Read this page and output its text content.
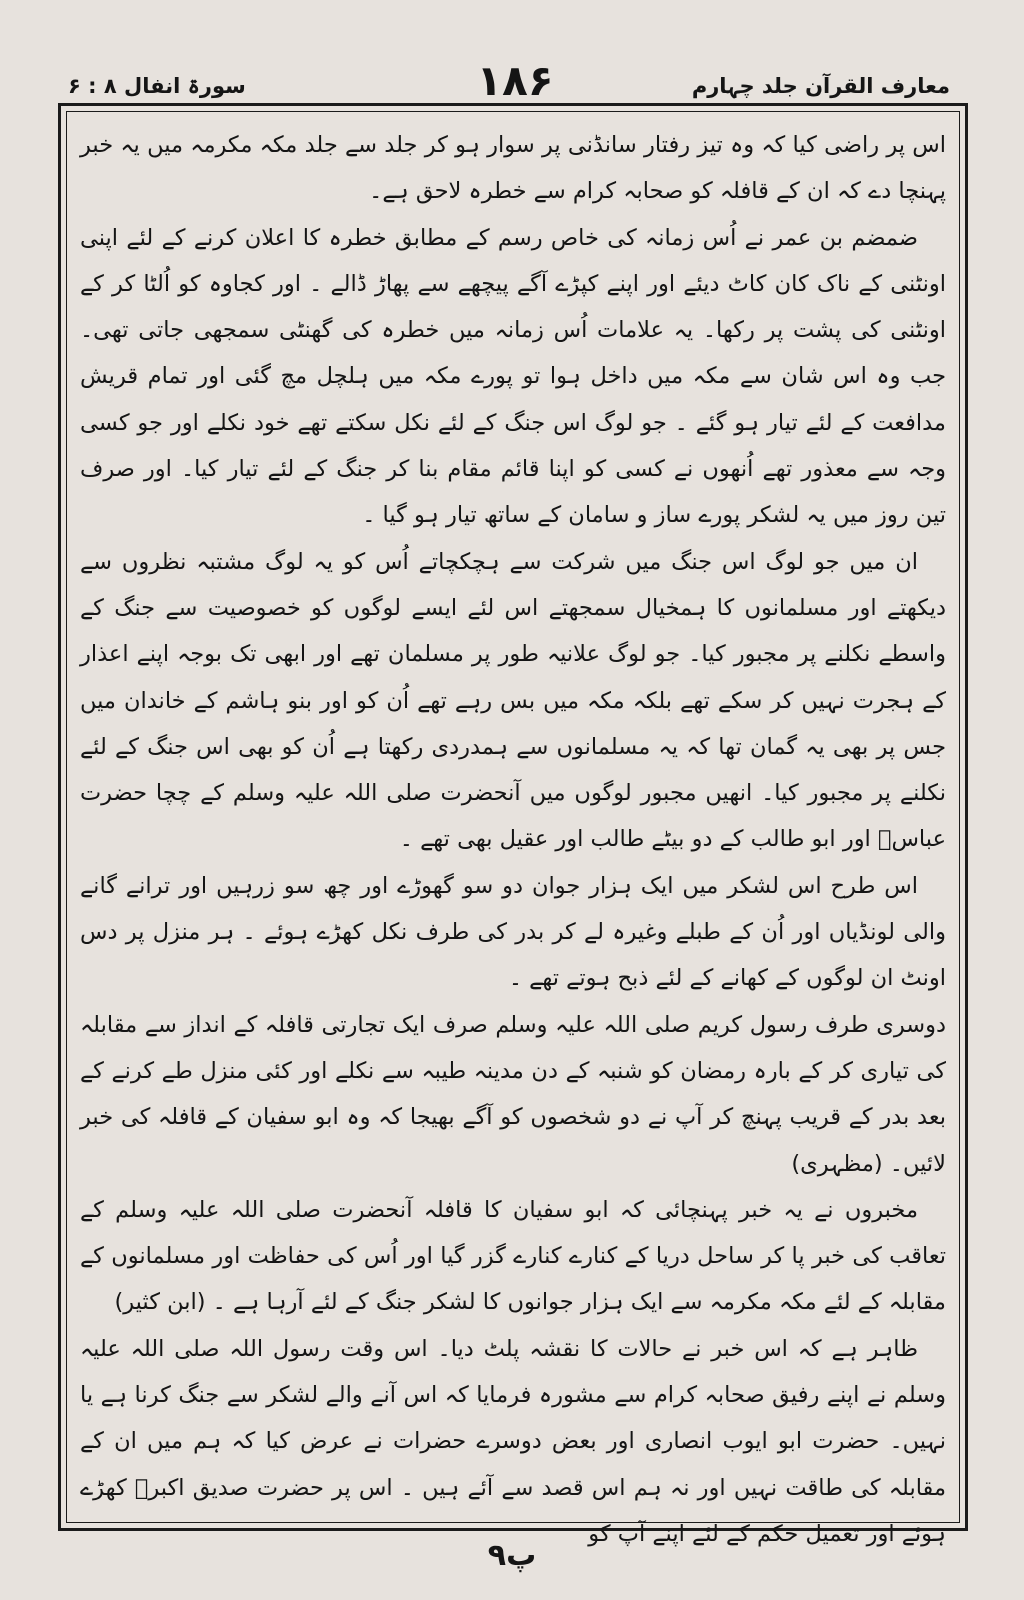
معارف القرآن جلد چہارم
۱۸۶
سورۃ انفال ۸ : ۶

اس پر راضی کیا کہ وہ تیز رفتار سانڈنی پر سوار ہو کر جلد سے جلد مکہ مکرمہ میں یہ خبر پہنچا دے کہ ان کے قافلہ کو صحابہ کرام سے خطرہ لاحق ہے۔

ضمضم بن عمر نے اُس زمانہ کی خاص رسم کے مطابق خطرہ کا اعلان کرنے کے لئے اپنی اونٹنی کے ناک کان کاٹ دیئے اور اپنے کپڑے آگے پیچھے سے پھاڑ ڈالے ۔ اور کجاوہ کو اُلٹا کر کے اونٹنی کی پشت پر رکھا۔ یہ علامات اُس زمانہ میں خطرہ کی گھنٹی سمجھی جاتی تھی۔ جب وہ اس شان سے مکہ میں داخل ہوا تو پورے مکہ میں ہلچل مچ گئی اور تمام قریش مدافعت کے لئے تیار ہو گئے ۔ جو لوگ اس جنگ کے لئے نکل سکتے تھے خود نکلے اور جو کسی وجہ سے معذور تھے اُنھوں نے کسی کو اپنا قائم مقام بنا کر جنگ کے لئے تیار کیا۔ اور صرف تین روز میں یہ لشکر پورے ساز و سامان کے ساتھ تیار ہو گیا ۔

ان میں جو لوگ اس جنگ میں شرکت سے ہچکچاتے اُس کو یہ لوگ مشتبہ نظروں سے دیکھتے اور مسلمانوں کا ہمخیال سمجھتے اس لئے ایسے لوگوں کو خصوصیت سے جنگ کے واسطے نکلنے پر مجبور کیا۔ جو لوگ علانیہ طور پر مسلمان تھے اور ابھی تک بوجہ اپنے اعذار کے ہجرت نہیں کر سکے تھے بلکہ مکہ میں بس رہے تھے اُن کو اور بنو ہاشم کے خاندان میں جس پر بھی یہ گمان تھا کہ یہ مسلمانوں سے ہمدردی رکھتا ہے اُن کو بھی اس جنگ کے لئے نکلنے پر مجبور کیا۔ انھیں مجبور لوگوں میں آنحضرت صلی اللہ علیہ وسلم کے چچا حضرت عباسؓ اور ابو طالب کے دو بیٹے طالب اور عقیل بھی تھے ۔

اس طرح اس لشکر میں ایک ہزار جوان دو سو گھوڑے اور چھ سو زرہیں اور ترانے گانے والی لونڈیاں اور اُن کے طبلے وغیرہ لے کر بدر کی طرف نکل کھڑے ہوئے ۔ ہر منزل پر دس اونٹ ان لوگوں کے کھانے کے لئے ذبح ہوتے تھے ۔

دوسری طرف رسول کریم صلی اللہ علیہ وسلم صرف ایک تجارتی قافلہ کے انداز سے مقابلہ کی تیاری کر کے بارہ رمضان کو شنبہ کے دن مدینہ طیبہ سے نکلے اور کئی منزل طے کرنے کے بعد بدر کے قریب پہنچ کر آپ نے دو شخصوں کو آگے بھیجا کہ وہ ابو سفیان کے قافلہ کی خبر لائیں۔ (مظہری)

مخبروں نے یہ خبر پہنچائی کہ ابو سفیان کا قافلہ آنحضرت صلی اللہ علیہ وسلم کے تعاقب کی خبر پا کر ساحل دریا کے کنارے کنارے گزر گیا اور اُس کی حفاظت اور مسلمانوں کے مقابلہ کے لئے مکہ مکرمہ سے ایک ہزار جوانوں کا لشکر جنگ کے لئے آرہا ہے ۔ (ابن کثیر)

ظاہر ہے کہ اس خبر نے حالات کا نقشہ پلٹ دیا۔ اس وقت رسول اللہ صلی اللہ علیہ وسلم نے اپنے رفیق صحابہ کرام سے مشورہ فرمایا کہ اس آنے والے لشکر سے جنگ کرنا ہے یا نہیں۔ حضرت ابو ایوب انصاری اور بعض دوسرے حضرات نے عرض کیا کہ ہم میں ان کے مقابلہ کی طاقت نہیں اور نہ ہم اس قصد سے آئے ہیں ۔ اس پر حضرت صدیق اکبرؓ کھڑے ہوئے اور تعمیل حکم کے لئے اپنے آپ کو

۹پ
